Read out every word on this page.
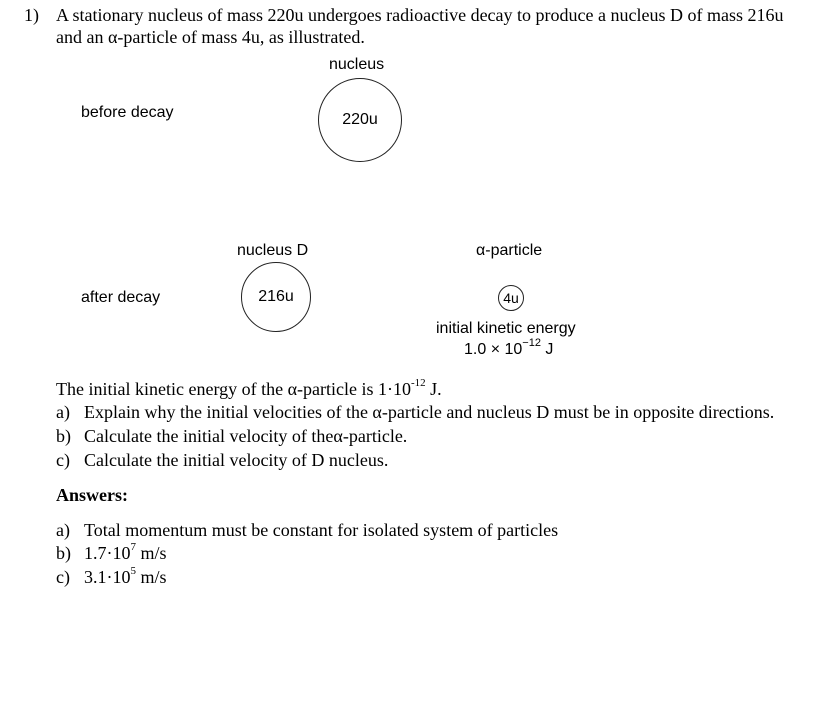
1) A stationary nucleus of mass 220u undergoes radioactive decay to produce a nucleus D of mass 216u
and an α-particle of mass 4u, as illustrated.
nucleus
before decay	220u
nucleus D	α-particle
after decay	216u	4u
initial kinetic energy
$1.0 \times 10^{-12}$ J
The initial kinetic energy of the α-particle is $1\cdot 10^{-12}$ J.
a) Explain why the initial velocities of the α-particle and nucleus D must be in opposite directions.
b) Calculate the initial velocity of theα-particle.
c) Calculate the initial velocity of D nucleus.
Answers:
a) Total momentum must be constant for isolated system of particles
b) $1.7\cdot 10^7$ m/s
c) $3.1\cdot 10^5$ m/s
